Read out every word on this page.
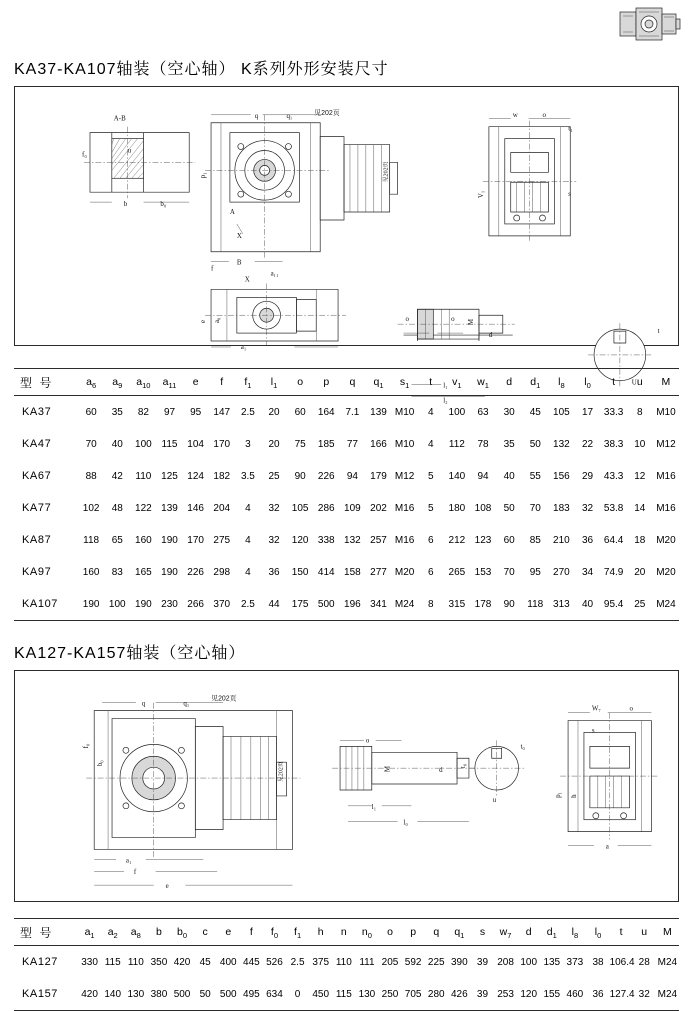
KA37-KA107轴装（空心轴） K系列外形安装尺寸
A-B
b	b₀
f₀	u
见202页
q	q₁	见202页
B
f
a₁₁
p₁
A
X
X
a₁
e a₈
w	o
t₁
V₁	s
o	o M
d
l₁
l₂
t
U
型 号	$a_6$	$a_9$	$a_{10}$	$a_{11}$	e	f	$f_1$	$l_1$	o	p	q	$q_1$	$s_1$	t	$v_1$	$w_1$	d	$d_1$	$l_8$	$l_0$	t	u	M
KA37	60	35	82	97	95	147	2.5	20	60	164	7.1	139	M10	4	100	63	30	45	105	17	33.3	8	M10
KA47	70	40	100	115	104	170	3	20	75	185	77	166	M10	4	112	78	35	50	132	22	38.3	10	M12
KA67	88	42	110	125	124	182	3.5	25	90	226	94	179	M12	5	140	94	40	55	156	29	43.3	12	M16
KA77	102	48	122	139	146	204	4	32	105	286	109	202	M16	5	180	108	50	70	183	32	53.8	14	M16
KA87	118	65	160	190	170	275	4	32	120	338	132	257	M16	6	212	123	60	85	210	36	64.4	18	M20
KA97	160	83	165	190	226	298	4	36	150	414	158	277	M20	6	265	153	70	95	270	34	74.9	20	M20
KA107	190	100	190	230	266	370	2.5	44	175	500	196	341	M24	8	315	178	90	118	313	40	95.4	25	M24
KA127-KA157轴装（空心轴）
见202页
q	q₁
见202页
f₀
b₀
a₁
f
e
o
M	d
t₀
l₁
l₀
t₀
u
W₇	o
s
p₁ h
a
型 号	$a_1$	$a_2$	$a_8$	b	$b_0$	c	e	f	$f_0$	$f_1$	h	n	$n_0$	o	p	q	$q_1$	s	$w_7$	d	$d_1$	$l_8$	$l_0$	t	u	M
KA127	330	115	110	350	420	45	400	445	526	2.5	375	110	111	205	592	225	390	39	208	100	135	373	38	106.4	28	M24
KA157	420	140	130	380	500	50	500	495	634	0	450	115	130	250	705	280	426	39	253	120	155	460	36	127.4	32	M24
